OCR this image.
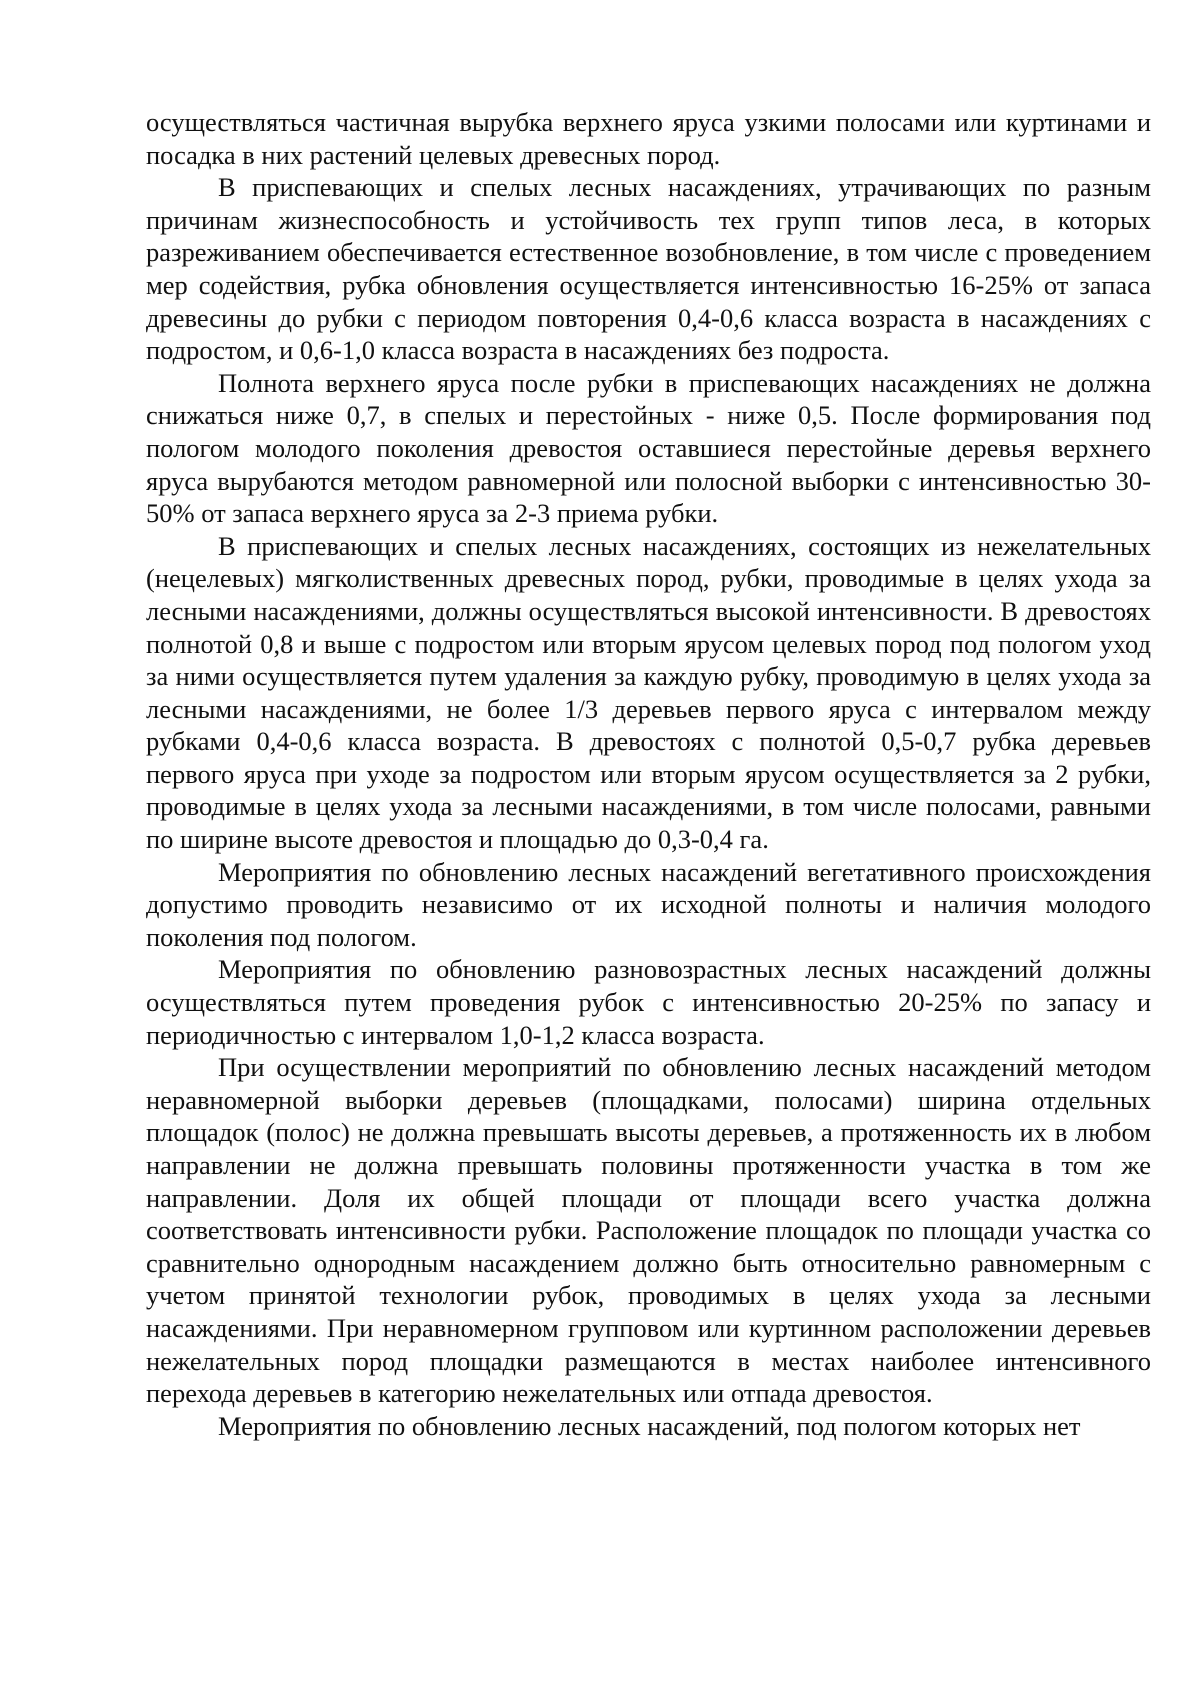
осуществляться частичная вырубка верхнего яруса узкими полосами или куртинами и посадка в них растений целевых древесных пород.

В приспевающих и спелых лесных насаждениях, утрачивающих по разным причинам жизнеспособность и устойчивость тех групп типов леса, в которых разреживанием обеспечивается естественное возобновление, в том числе с проведением мер содействия, рубка обновления осуществляется интенсивностью 16-25% от запаса древесины до рубки с периодом повторения 0,4-0,6 класса возраста в насаждениях с подростом, и 0,6-1,0 класса возраста в насаждениях без подроста.

Полнота верхнего яруса после рубки в приспевающих насаждениях не должна снижаться ниже 0,7, в спелых и перестойных - ниже 0,5. После формирования под пологом молодого поколения древостоя оставшиеся перестойные деревья верхнего яруса вырубаются методом равномерной или полосной выборки с интенсивностью 30-50% от запаса верхнего яруса за 2-3 приема рубки.

В приспевающих и спелых лесных насаждениях, состоящих из нежелательных (нецелевых) мягколиственных древесных пород, рубки, проводимые в целях ухода за лесными насаждениями, должны осуществляться высокой интенсивности. В древостоях полнотой 0,8 и выше с подростом или вторым ярусом целевых пород под пологом уход за ними осуществляется путем удаления за каждую рубку, проводимую в целях ухода за лесными насаждениями, не более 1/3 деревьев первого яруса с интервалом между рубками 0,4-0,6 класса возраста. В древостоях с полнотой 0,5-0,7 рубка деревьев первого яруса при уходе за подростом или вторым ярусом осуществляется за 2 рубки, проводимые в целях ухода за лесными насаждениями, в том числе полосами, равными по ширине высоте древостоя и площадью до 0,3-0,4 га.

Мероприятия по обновлению лесных насаждений вегетативного происхождения допустимо проводить независимо от их исходной полноты и наличия молодого поколения под пологом.

Мероприятия по обновлению разновозрастных лесных насаждений должны осуществляться путем проведения рубок с интенсивностью 20-25% по запасу и периодичностью с интервалом 1,0-1,2 класса возраста.

При осуществлении мероприятий по обновлению лесных насаждений методом неравномерной выборки деревьев (площадками, полосами) ширина отдельных площадок (полос) не должна превышать высоты деревьев, а протяженность их в любом направлении не должна превышать половины протяженности участка в том же направлении. Доля их общей площади от площади всего участка должна соответствовать интенсивности рубки. Расположение площадок по площади участка со сравнительно однородным насаждением должно быть относительно равномерным с учетом принятой технологии рубок, проводимых в целях ухода за лесными насаждениями. При неравномерном групповом или куртинном расположении деревьев нежелательных пород площадки размещаются в местах наиболее интенсивного перехода деревьев в категорию нежелательных или отпада древостоя.

Мероприятия по обновлению лесных насаждений, под пологом которых нет
